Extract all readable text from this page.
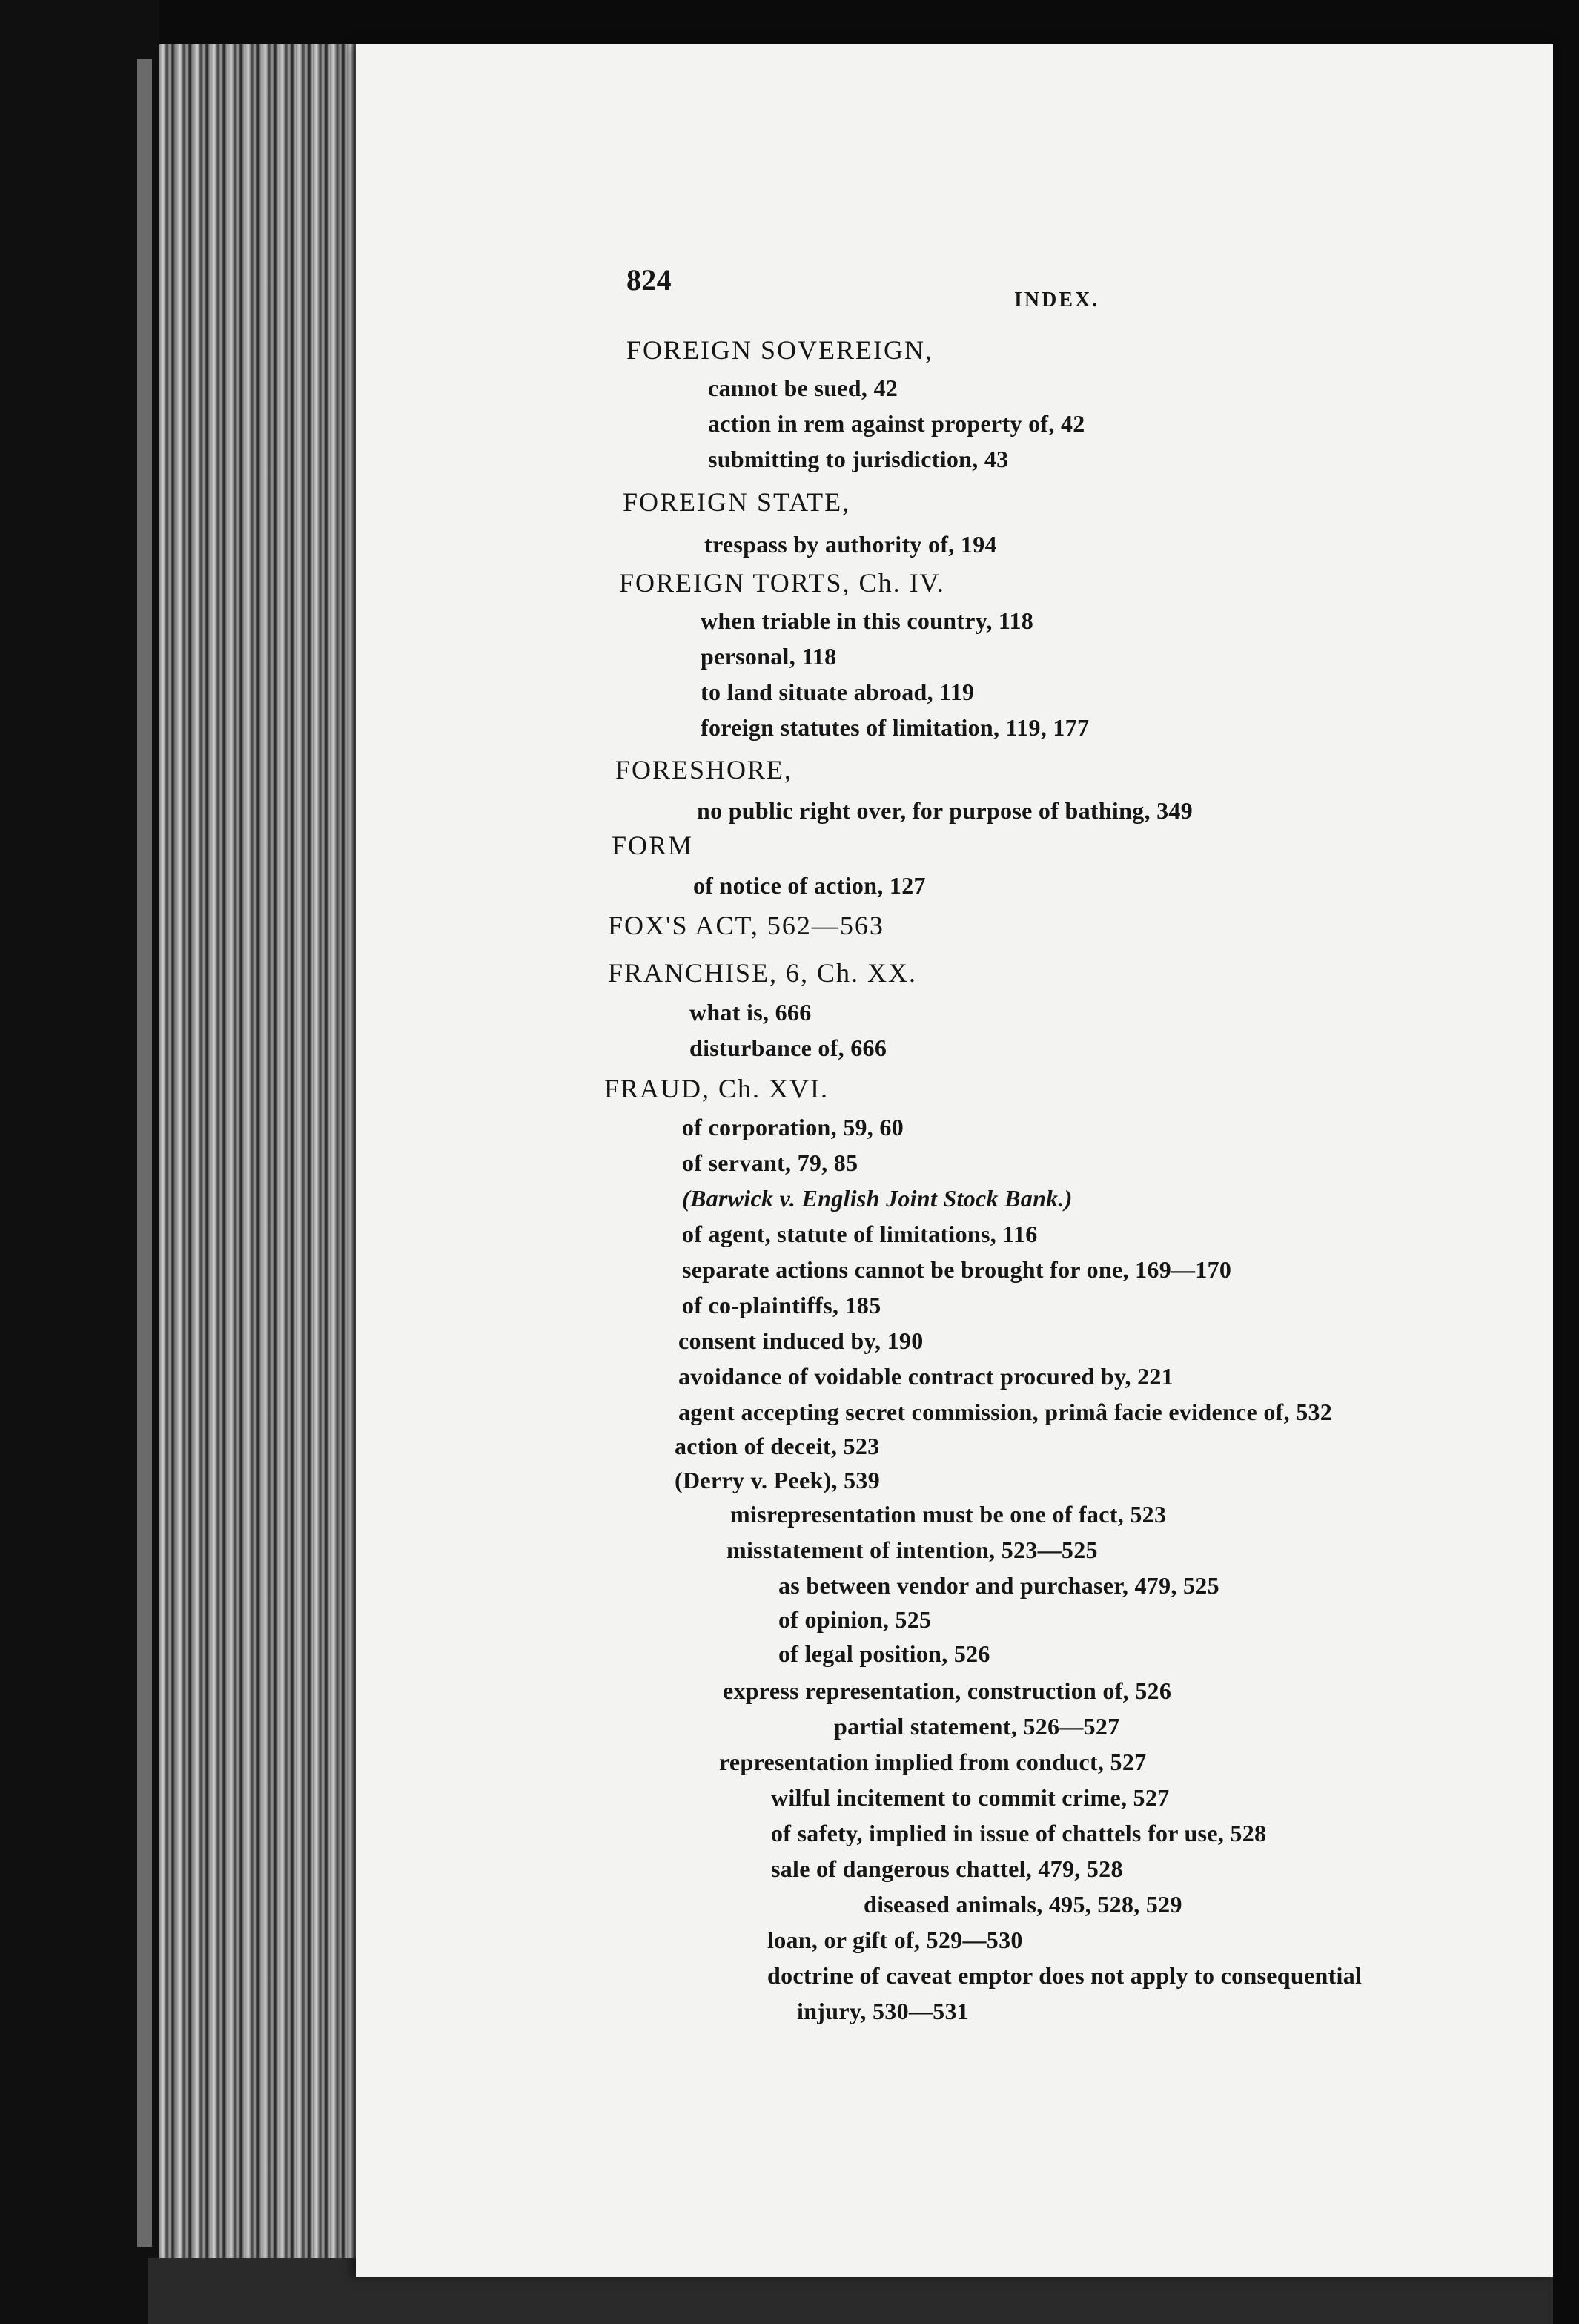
824
INDEX.
FOREIGN SOVEREIGN,
cannot be sued, 42
action in rem against property of, 42
submitting to jurisdiction, 43
FOREIGN STATE,
trespass by authority of, 194
FOREIGN TORTS, Ch. IV.
when triable in this country, 118
personal, 118
to land situate abroad, 119
foreign statutes of limitation, 119, 177
FORESHORE,
no public right over, for purpose of bathing, 349
FORM
of notice of action, 127
FOX'S ACT, 562—563
FRANCHISE, 6, Ch. XX.
what is, 666
disturbance of, 666
FRAUD, Ch. XVI.
of corporation, 59, 60
of servant, 79, 85
(Barwick v. English Joint Stock Bank.)
of agent, statute of limitations, 116
separate actions cannot be brought for one, 169—170
of co-plaintiffs, 185
consent induced by, 190
avoidance of voidable contract procured by, 221
agent accepting secret commission, primâ facie evidence of, 532
action of deceit, 523
(Derry v. Peek), 539
misrepresentation must be one of fact, 523
misstatement of intention, 523—525
as between vendor and purchaser, 479, 525
of opinion, 525
of legal position, 526
express representation, construction of, 526
partial statement, 526—527
representation implied from conduct, 527
wilful incitement to commit crime, 527
of safety, implied in issue of chattels for use, 528
sale of dangerous chattel, 479, 528
diseased animals, 495, 528, 529
loan, or gift of, 529—530
doctrine of caveat emptor does not apply to consequential
injury, 530—531
